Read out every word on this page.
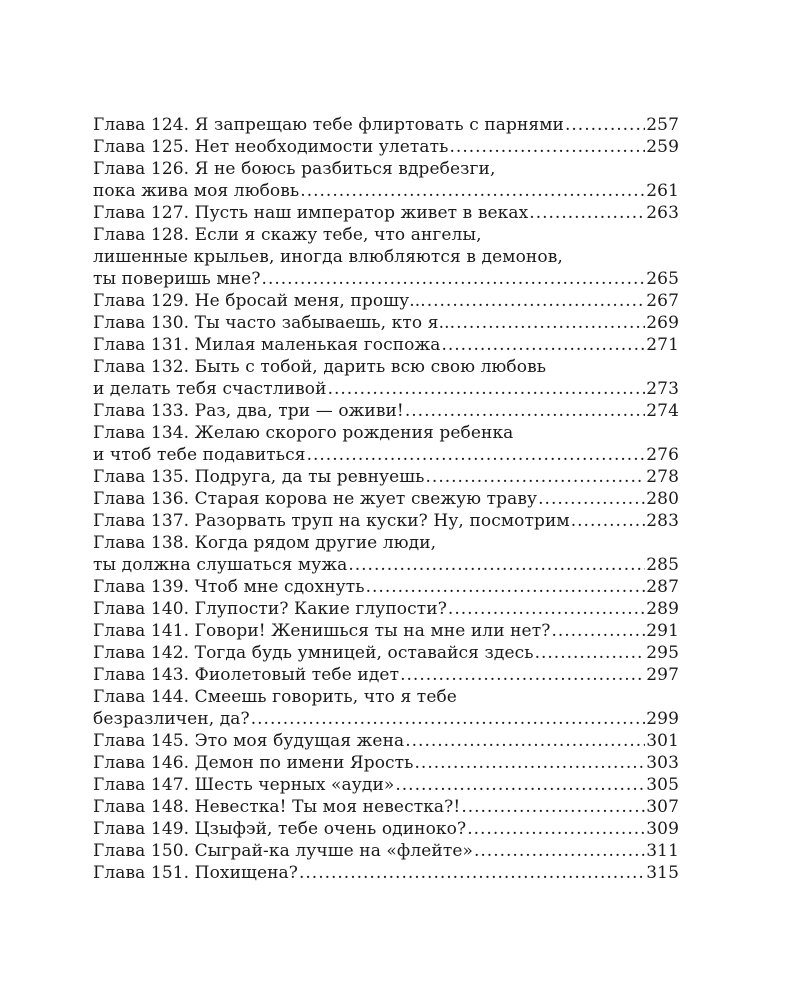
Глава 124. Я запрещаю тебе флиртовать с парнями .....	257
Глава 125. Нет необходимости улетать .....	259
Глава 126. Я не боюсь разбиться вдребезги,
пока жива моя любовь .....	261
Глава 127. Пусть наш император живет в веках .....	263
Глава 128. Если я скажу тебе, что ангелы,
лишенные крыльев, иногда влюбляются в демонов,
ты поверишь мне? .....	265
Глава 129. Не бросай меня, прошу... .....	267
Глава 130. Ты часто забываешь, кто я... .....	269
Глава 131. Милая маленькая госпожа .....	271
Глава 132. Быть с тобой, дарить всю свою любовь
и делать тебя счастливой .....	273
Глава 133. Раз, два, три — оживи! .....	274
Глава 134. Желаю скорого рождения ребенка
и чтоб тебе подавиться .....	276
Глава 135. Подруга, да ты ревнуешь .....	278
Глава 136. Старая корова не жует свежую траву .....	280
Глава 137. Разорвать труп на куски? Ну, посмотрим .....	283
Глава 138. Когда рядом другие люди,
ты должна слушаться мужа .....	285
Глава 139. Чтоб мне сдохнуть .....	287
Глава 140. Глупости? Какие глупости? .....	289
Глава 141. Говори! Женишься ты на мне или нет? .....	291
Глава 142. Тогда будь умницей, оставайся здесь .....	295
Глава 143. Фиолетовый тебе идет .....	297
Глава 144. Смеешь говорить, что я тебе
безразличен, да? .....	299
Глава 145. Это моя будущая жена .....	301
Глава 146. Демон по имени Ярость .....	303
Глава 147. Шесть черных «ауди» .....	305
Глава 148. Невестка! Ты моя невестка?! .....	307
Глава 149. Цзыфэй, тебе очень одиноко? .....	309
Глава 150. Сыграй-ка лучше на «флейте» .....	311
Глава 151. Похищена? .....	315
